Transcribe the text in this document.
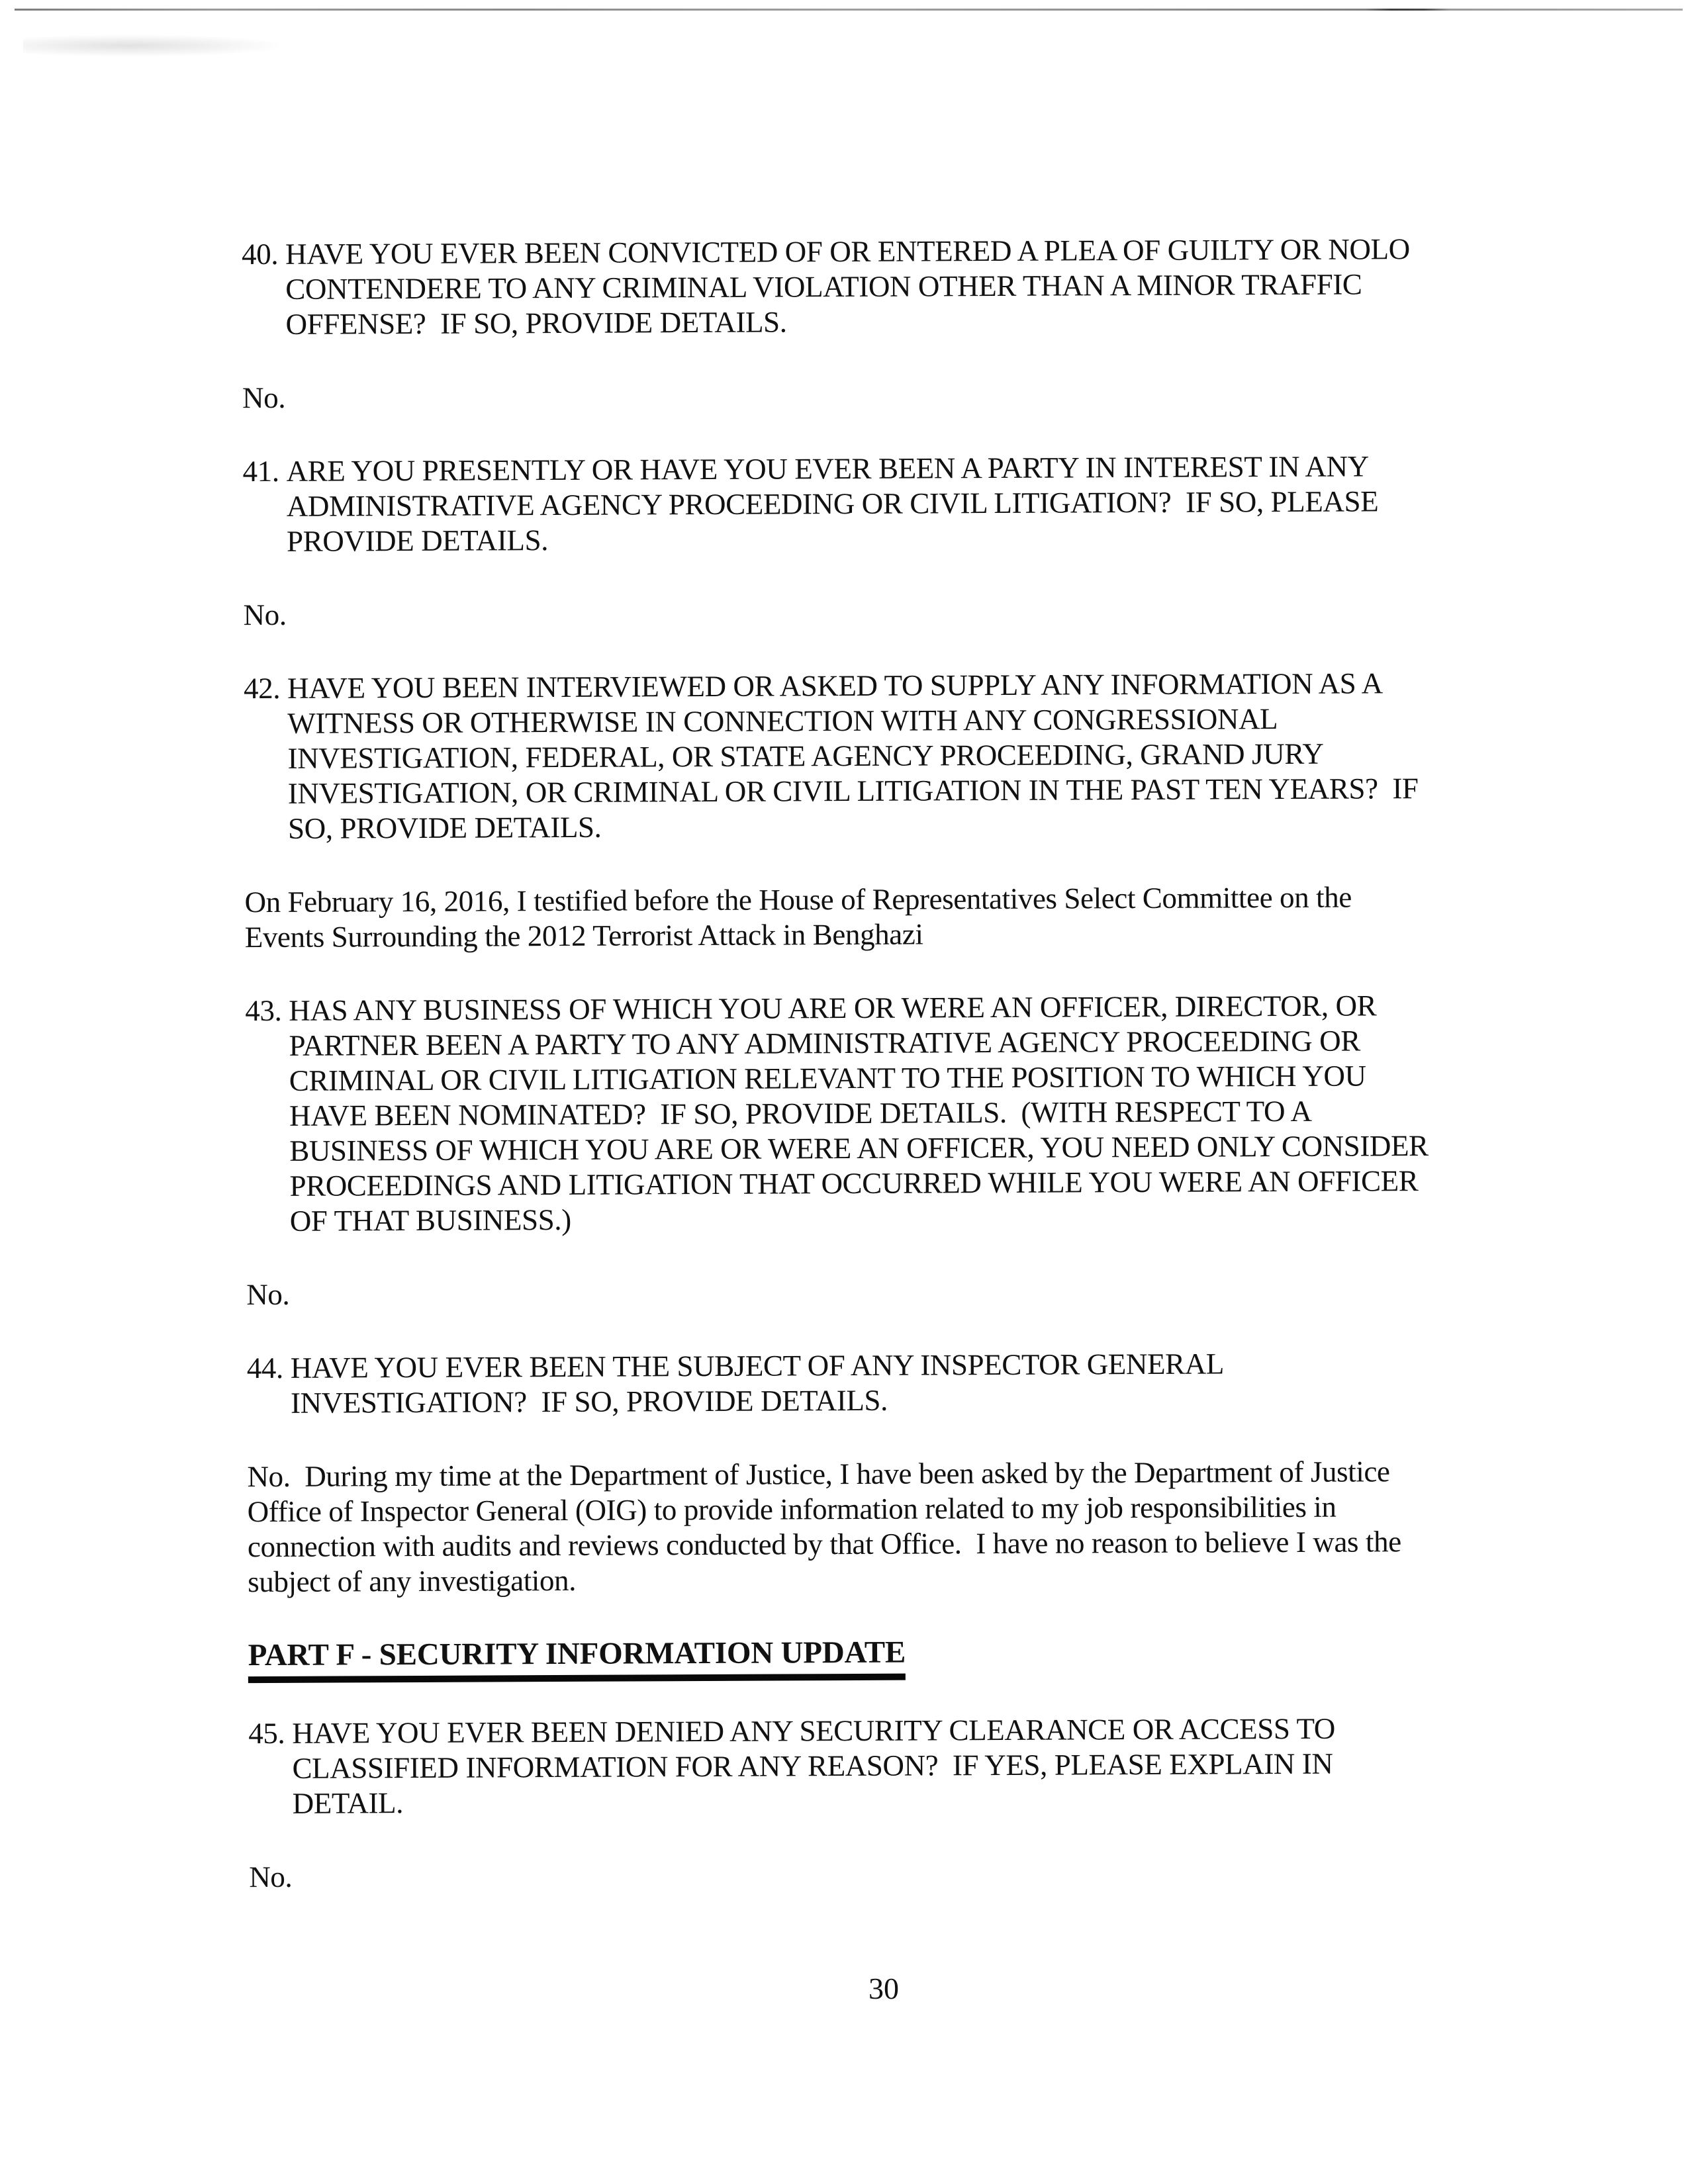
40. HAVE YOU EVER BEEN CONVICTED OF OR ENTERED A PLEA OF GUILTY OR NOLO
CONTENDERE TO ANY CRIMINAL VIOLATION OTHER THAN A MINOR TRAFFIC
OFFENSE?  IF SO, PROVIDE DETAILS.
No.
41. ARE YOU PRESENTLY OR HAVE YOU EVER BEEN A PARTY IN INTEREST IN ANY
ADMINISTRATIVE AGENCY PROCEEDING OR CIVIL LITIGATION?  IF SO, PLEASE
PROVIDE DETAILS.
No.
42. HAVE YOU BEEN INTERVIEWED OR ASKED TO SUPPLY ANY INFORMATION AS A
WITNESS OR OTHERWISE IN CONNECTION WITH ANY CONGRESSIONAL
INVESTIGATION, FEDERAL, OR STATE AGENCY PROCEEDING, GRAND JURY
INVESTIGATION, OR CRIMINAL OR CIVIL LITIGATION IN THE PAST TEN YEARS?  IF
SO, PROVIDE DETAILS.
On February 16, 2016, I testified before the House of Representatives Select Committee on the
Events Surrounding the 2012 Terrorist Attack in Benghazi
43. HAS ANY BUSINESS OF WHICH YOU ARE OR WERE AN OFFICER, DIRECTOR, OR
PARTNER BEEN A PARTY TO ANY ADMINISTRATIVE AGENCY PROCEEDING OR
CRIMINAL OR CIVIL LITIGATION RELEVANT TO THE POSITION TO WHICH YOU
HAVE BEEN NOMINATED?  IF SO, PROVIDE DETAILS.  (WITH RESPECT TO A
BUSINESS OF WHICH YOU ARE OR WERE AN OFFICER, YOU NEED ONLY CONSIDER
PROCEEDINGS AND LITIGATION THAT OCCURRED WHILE YOU WERE AN OFFICER
OF THAT BUSINESS.)
No.
44. HAVE YOU EVER BEEN THE SUBJECT OF ANY INSPECTOR GENERAL
INVESTIGATION?  IF SO, PROVIDE DETAILS.
No.  During my time at the Department of Justice, I have been asked by the Department of Justice
Office of Inspector General (OIG) to provide information related to my job responsibilities in
connection with audits and reviews conducted by that Office.  I have no reason to believe I was the
subject of any investigation.
PART F - SECURITY INFORMATION UPDATE
45. HAVE YOU EVER BEEN DENIED ANY SECURITY CLEARANCE OR ACCESS TO
CLASSIFIED INFORMATION FOR ANY REASON?  IF YES, PLEASE EXPLAIN IN
DETAIL.
No.
30
